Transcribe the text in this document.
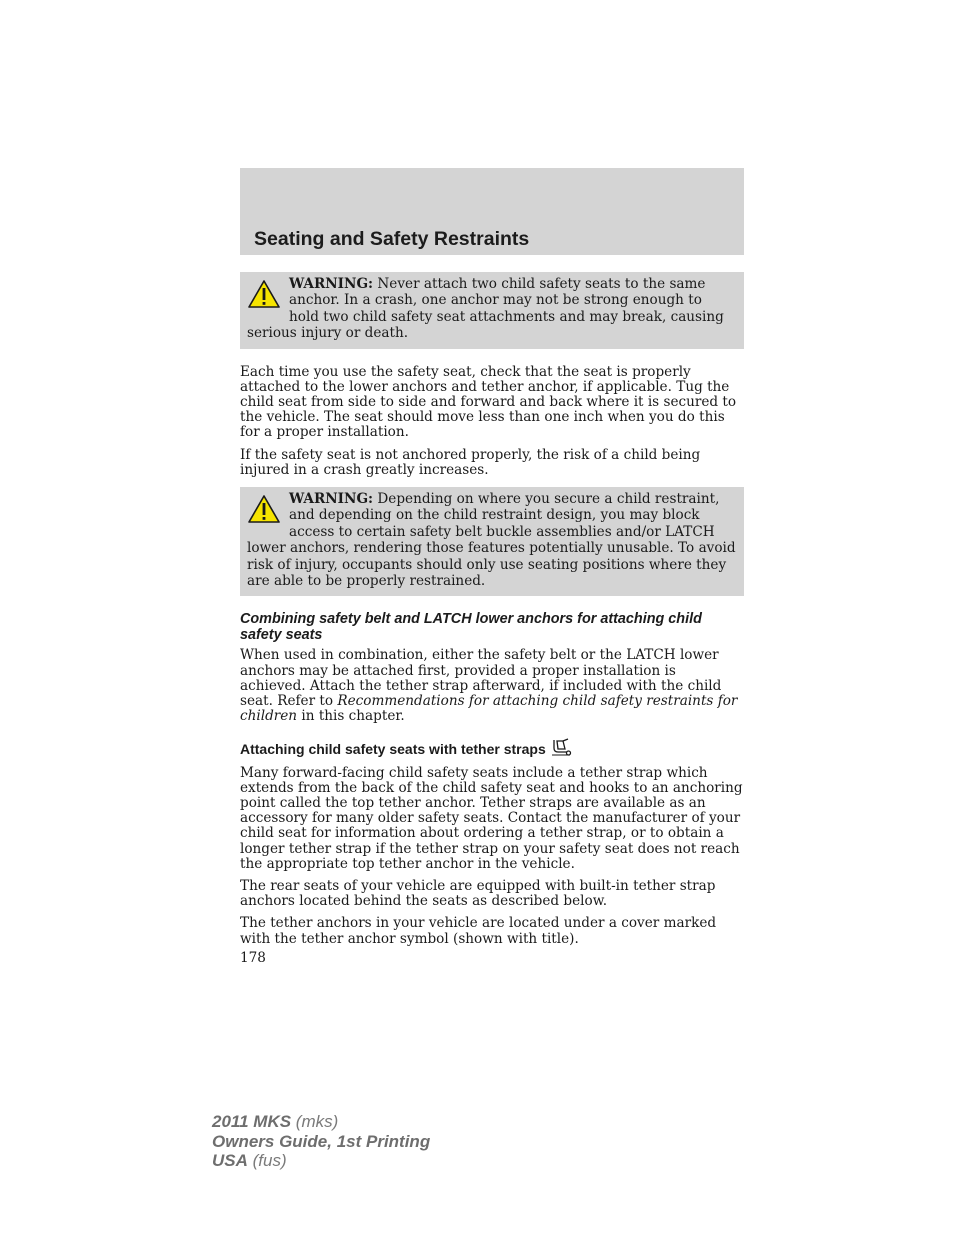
Seating and Safety Restraints
WARNING: Never attach two child safety seats to the same anchor. In a crash, one anchor may not be strong enough to hold two child safety seat attachments and may break, causing serious injury or death.

Each time you use the safety seat, check that the seat is properly attached to the lower anchors and tether anchor, if applicable. Tug the child seat from side to side and forward and back where it is secured to the vehicle. The seat should move less than one inch when you do this for a proper installation.

If the safety seat is not anchored properly, the risk of a child being injured in a crash greatly increases.

WARNING: Depending on where you secure a child restraint, and depending on the child restraint design, you may block access to certain safety belt buckle assemblies and/or LATCH lower anchors, rendering those features potentially unusable. To avoid risk of injury, occupants should only use seating positions where they are able to be properly restrained.
Combining safety belt and LATCH lower anchors for attaching child safety seats

When used in combination, either the safety belt or the LATCH lower anchors may be attached first, provided a proper installation is achieved. Attach the tether strap afterward, if included with the child seat. Refer to Recommendations for attaching child safety restraints for children in this chapter.

Attaching child safety seats with tether straps

Many forward-facing child safety seats include a tether strap which extends from the back of the child safety seat and hooks to an anchoring point called the top tether anchor. Tether straps are available as an accessory for many older safety seats. Contact the manufacturer of your child seat for information about ordering a tether strap, or to obtain a longer tether strap if the tether strap on your safety seat does not reach the appropriate top tether anchor in the vehicle.

The rear seats of your vehicle are equipped with built-in tether strap anchors located behind the seats as described below.

The tether anchors in your vehicle are located under a cover marked with the tether anchor symbol (shown with title).

178

2011 MKS (mks)
Owners Guide, 1st Printing
USA (fus)
